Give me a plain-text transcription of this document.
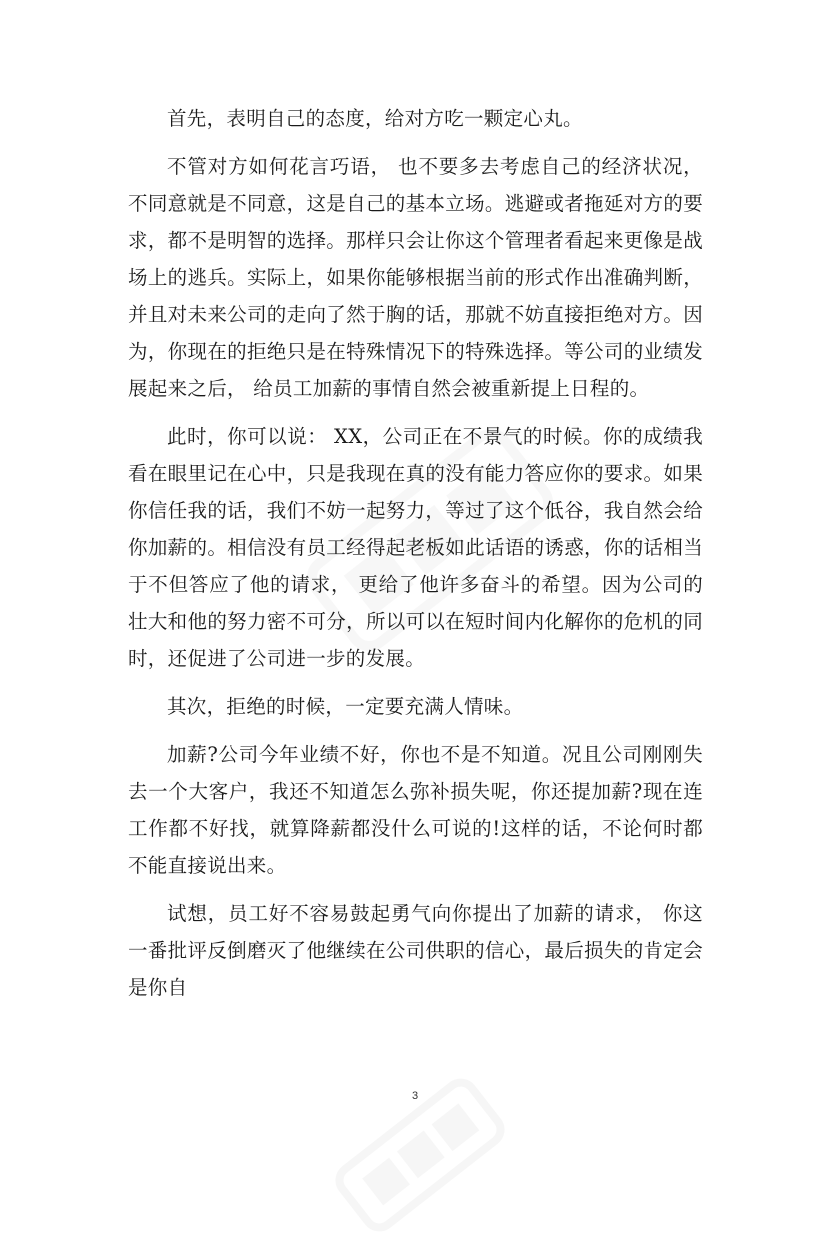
首先，表明自己的态度，给对方吃一颗定心丸。

不管对方如何花言巧语， 也不要多去考虑自己的经济状况， 不同意就是不同意，这是自己的基本立场。逃避或者拖延对方的要求，都不是明智的选择。那样只会让你这个管理者看起来更像是战场上的逃兵。实际上，如果你能够根据当前的形式作出准确判断，并且对未来公司的走向了然于胸的话，那就不妨直接拒绝对方。因为，你现在的拒绝只是在特殊情况下的特殊选择。等公司的业绩发展起来之后， 给员工加薪的事情自然会被重新提上日程的。

此时，你可以说： XX，公司正在不景气的时候。你的成绩我看在眼里记在心中，只是我现在真的没有能力答应你的要求。如果你信任我的话，我们不妨一起努力，等过了这个低谷，我自然会给你加薪的。相信没有员工经得起老板如此话语的诱惑，你的话相当于不但答应了他的请求， 更给了他许多奋斗的希望。因为公司的壮大和他的努力密不可分，所以可以在短时间内化解你的危机的同时，还促进了公司进一步的发展。

其次，拒绝的时候，一定要充满人情味。

加薪?公司今年业绩不好，你也不是不知道。况且公司刚刚失去一个大客户，我还不知道怎么弥补损失呢，你还提加薪?现在连工作都不好找，就算降薪都没什么可说的!这样的话，不论何时都不能直接说出来。

试想，员工好不容易鼓起勇气向你提出了加薪的请求， 你这一番批评反倒磨灭了他继续在公司供职的信心，最后损失的肯定会是你自

3
